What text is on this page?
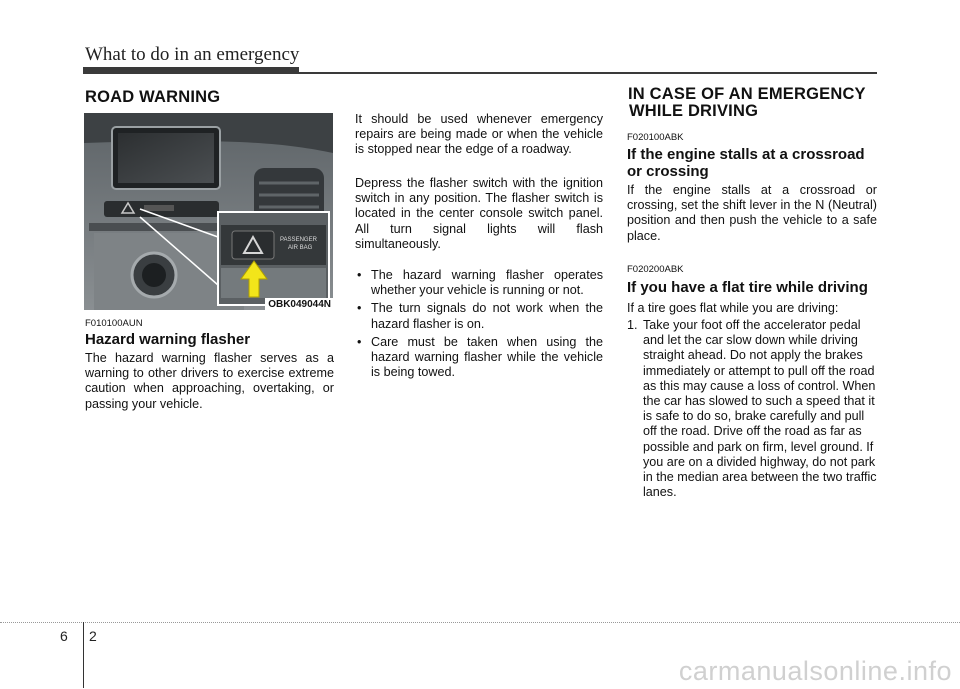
What to do in an emergency
ROAD WARNING
PASSENGER
AIR BAG
OBK049044N
F010100AUN
Hazard warning flasher
The hazard warning flasher serves as a warning to other drivers to exercise extreme caution when approaching, overtaking, or passing your vehicle.
It should be used whenever emergency repairs are being made or when the vehicle is stopped near the edge of a roadway.
Depress the flasher switch with the ignition switch in any position. The flasher switch is located in the center console switch panel. All turn signal lights will flash simultaneously.
• The hazard warning flasher operates whether your vehicle is running or not.
• The turn signals do not work when the hazard flasher is on.
• Care must be taken when using the hazard warning flasher while the vehicle is being towed.
IN CASE OF AN EMERGENCY
WHILE DRIVING
F020100ABK
If the engine stalls at a crossroad or crossing
If the engine stalls at a crossroad or crossing, set the shift lever in the N (Neutral) position and then push the vehicle to a safe place.
F020200ABK
If you have a flat tire while driving
If a tire goes flat while you are driving:
1. Take your foot off the accelerator pedal and let the car slow down while driving straight ahead. Do not apply the brakes immediately or attempt to pull off the road as this may cause a loss of control. When the car has slowed to such a speed that it is safe to do so, brake carefully and pull off the road. Drive off the road as far as possible and park on firm, level ground. If you are on a divided highway, do not park in the median area between the two traffic lanes.
6 2
carmanualsonline.info
